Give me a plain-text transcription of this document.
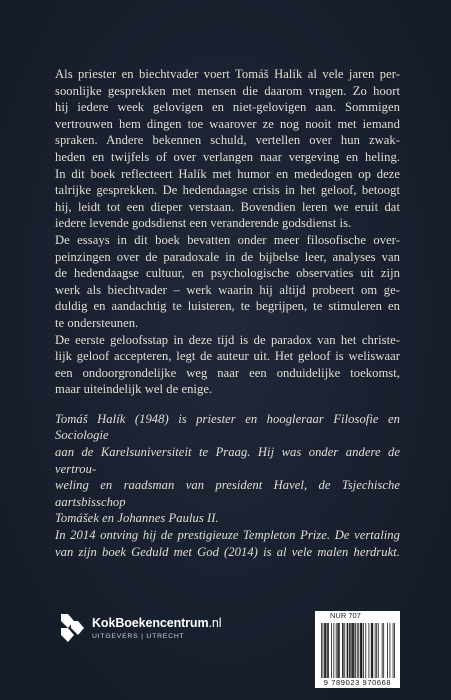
Als priester en biechtvader voert Tomáš Halík al vele jaren per-
soonlijke gesprekken met mensen die daarom vragen. Zo hoort
hij iedere week gelovigen en niet-gelovigen aan. Sommigen
vertrouwen hem dingen toe waarover ze nog nooit met iemand
spraken. Andere bekennen schuld, vertellen over hun zwak-
heden en twijfels of over verlangen naar vergeving en heling.

In dit boek reflecteert Halík met humor en mededogen op deze
talrijke gesprekken. De hedendaagse crisis in het geloof, betoogt
hij, leidt tot een dieper verstaan. Bovendien leren we eruit dat
iedere levende godsdienst een veranderende godsdienst is.

De essays in dit boek bevatten onder meer filosofische over-
peinzingen over de paradoxale in de bijbelse leer, analyses van
de hedendaagse cultuur, en psychologische observaties uit zijn
werk als biechtvader – werk waarin hij altijd probeert om ge-
duldig en aandachtig te luisteren, te begrijpen, te stimuleren en
te ondersteunen.

De eerste geloofsstap in deze tijd is de paradox van het christe-
lijk geloof accepteren, legt de auteur uit. Het geloof is weliswaar
een ondoorgrondelijke weg naar een onduidelijke toekomst,
maar uiteindelijk wel de enige.

Tomáš Halík (1948) is priester en hoogleraar Filosofie en Sociologie
aan de Karelsuniversiteit te Praag. Hij was onder andere de vertrou-
weling en raadsman van president Havel, de Tsjechische aartsbisschop
Tomášek en Johannes Paulus II.

In 2014 ontving hij de prestigieuze Templeton Prize. De vertaling
van zijn boek Geduld met God (2014) is al vele malen herdrukt.

KokBoekencentrum.nl
UITGEVERS | UTRECHT
NUR 707
9 789023 970668
